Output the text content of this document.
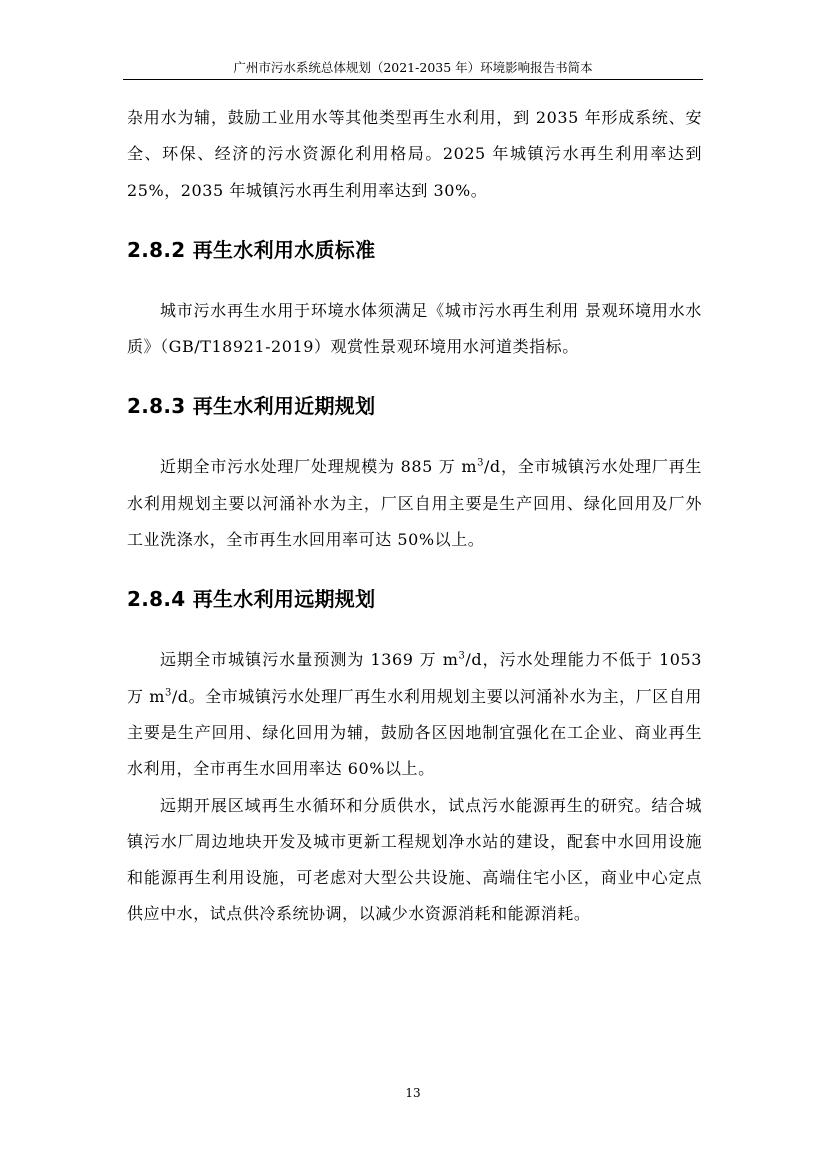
广州市污水系统总体规划（2021-2035 年）环境影响报告书简本

杂用水为辅，鼓励工业用水等其他类型再生水利用，到 2035 年形成系统、安全、环保、经济的污水资源化利用格局。2025 年城镇污水再生利用率达到 25%，2035 年城镇污水再生利用率达到 30%。

2.8.2 再生水利用水质标准

城市污水再生水用于环境水体须满足《城市污水再生利用 景观环境用水水质》（GB/T18921-2019）观赏性景观环境用水河道类指标。

2.8.3 再生水利用近期规划

近期全市污水处理厂处理规模为 885 万 $m^3/d$，全市城镇污水处理厂再生水利用规划主要以河涌补水为主，厂区自用主要是生产回用、绿化回用及厂外工业洗涤水，全市再生水回用率可达 50%以上。

2.8.4 再生水利用远期规划

远期全市城镇污水量预测为 1369 万 $m^3/d$，污水处理能力不低于 1053 万 $m^3/d$。全市城镇污水处理厂再生水利用规划主要以河涌补水为主，厂区自用主要是生产回用、绿化回用为辅，鼓励各区因地制宜强化在工企业、商业再生水利用，全市再生水回用率达 60%以上。

远期开展区域再生水循环和分质供水，试点污水能源再生的研究。结合城镇污水厂周边地块开发及城市更新工程规划净水站的建设，配套中水回用设施和能源再生利用设施，可老虑对大型公共设施、高端住宅小区，商业中心定点供应中水，试点供冷系统协调，以减少水资源消耗和能源消耗。

13
